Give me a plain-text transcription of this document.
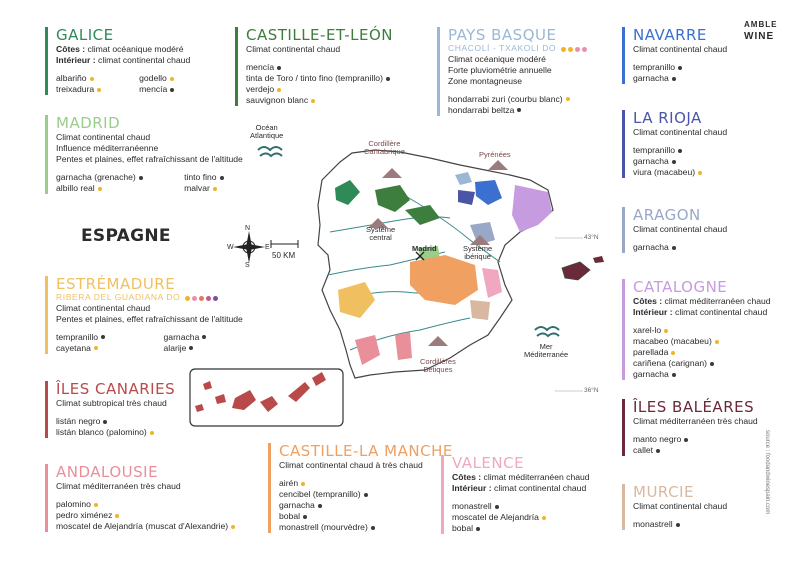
Océan
Atlantique
Mer
Méditerranée
Cordillère
Cantabrique	Pyrénées
Système
central
Système
ibérique
Madrid
Cordillères
Bétiques
N
S
W	E
50 KM
43°N
36°N
ESPAGNE
AMBLE
WINE
source : foodandwinespain.com
GALICE
Côtes : climat océanique modéré
Intérieur : climat continental chaud
albariño	godello
treixadura	mencía
CASTILLE-ET-LEÓN
Climat continental chaud
mencía
tinta de Toro / tinto fino (tempranillo)
verdejo
sauvignon blanc
PAYS BASQUE
CHACOLÍ - TXAKOLI DO
Climat océanique modéré
Forte pluviométrie annuelle
Zone montagneuse
hondarrabi zuri (courbu blanc)
hondarrabi beltza
NAVARRE
Climat continental chaud
tempranillo
garnacha
MADRID
Climat continental chaud
Influence méditerranéenne
Pentes et plaines, effet rafraîchissant de l'altitude
garnacha (grenache)	tinto fino
albillo real	malvar
LA RIOJA
Climat continental chaud
tempranillo
garnacha
viura (macabeu)
ARAGON
Climat continental chaud
garnacha
ESTRÉMADURE
RIBERA DEL GUADIANA DO
Climat continental chaud
Pentes et plaines, effet rafraîchissant de l'altitude
tempranillo	garnacha
cayetana	alarije
CATALOGNE
Côtes : climat méditerranéen chaud
Intérieur : climat continental chaud
xarel-lo
macabeo (macabeu)
parellada
cariñena (carignan)
garnacha
ÎLES CANARIES
Climat subtropical très chaud
listán negro
listán blanco (palomino)
ÎLES BALÉARES
Climat méditerranéen très chaud
manto negro
callet
ANDALOUSIE
Climat méditerranéen très chaud
palomino
pedro ximénez
moscatel de Alejandría (muscat d'Alexandrie)
CASTILLE-LA MANCHE
Climat continental chaud à très chaud
airén
cencibel (tempranillo)
garnacha
bobal
monastrell (mourvèdre)
VALENCE
Côtes : climat méditerranéen chaud
Intérieur : climat continental chaud
monastrell
moscatel de Alejandría
bobal
MURCIE
Climat continental chaud
monastrell
